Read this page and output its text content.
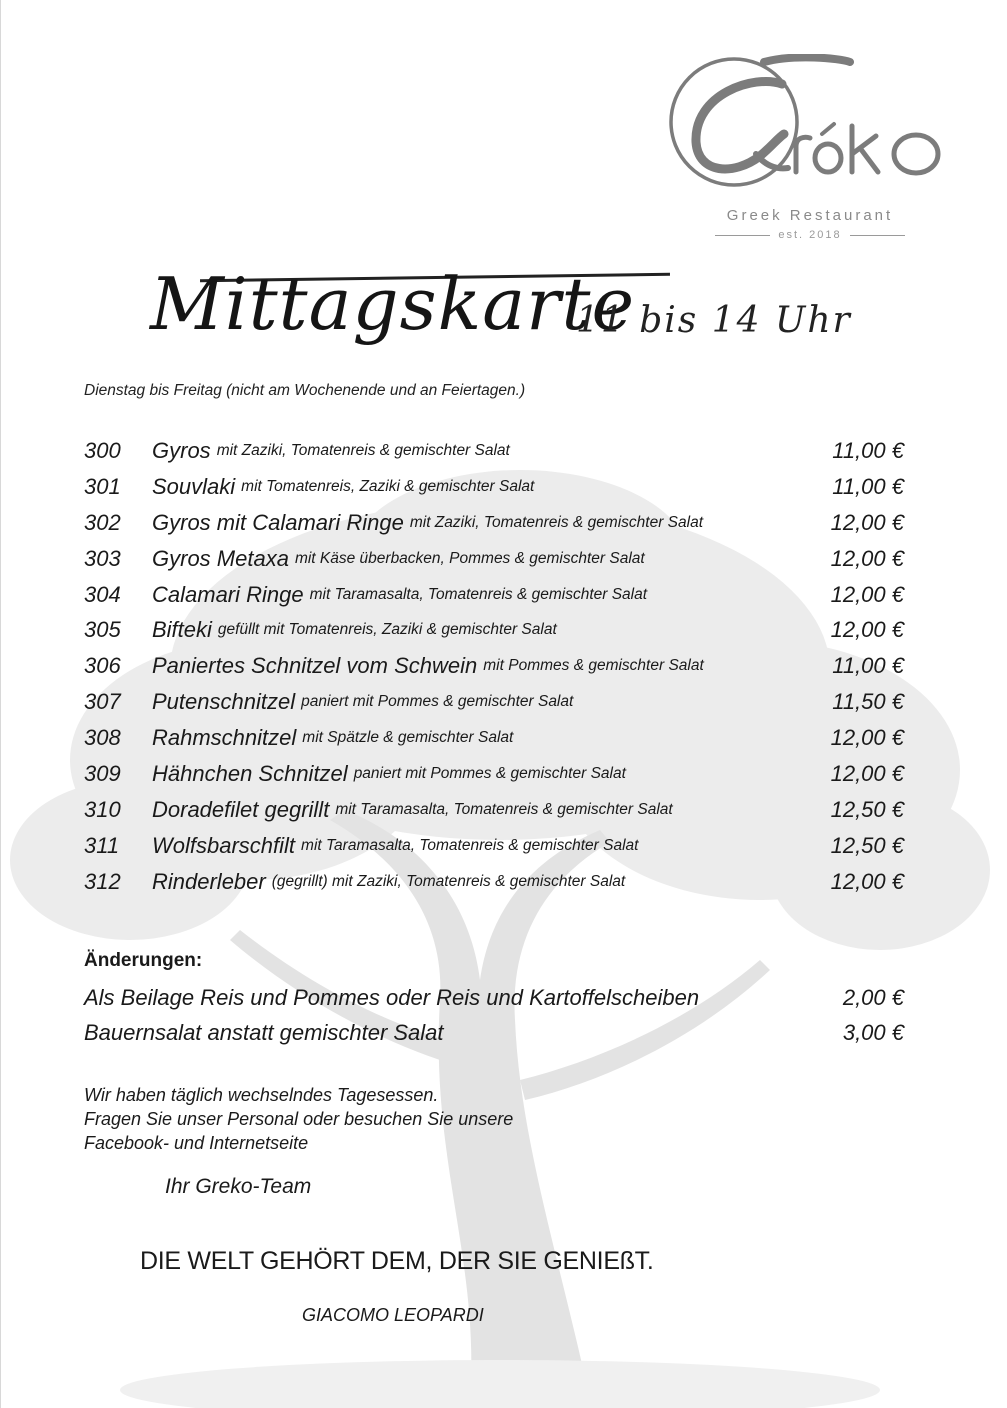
Greek Restaurant
est. 2018
Mittagskarte
11 bis 14 Uhr
Dienstag bis Freitag (nicht am Wochenende und an Feiertagen.)
300	Gyros mit Zaziki, Tomatenreis & gemischter Salat	11,00 €
301	Souvlaki mit Tomatenreis, Zaziki & gemischter Salat	11,00 €
302	Gyros mit Calamari Ringe mit Zaziki, Tomatenreis & gemischter Salat	12,00 €
303	Gyros Metaxa mit Käse überbacken, Pommes & gemischter Salat	12,00 €
304	Calamari Ringe mit Taramasalta, Tomatenreis & gemischter Salat	12,00 €
305	Bifteki gefüllt mit Tomatenreis, Zaziki & gemischter Salat	12,00 €
306	Paniertes Schnitzel vom Schwein mit Pommes & gemischter Salat	11,00 €
307	Putenschnitzel paniert mit Pommes & gemischter Salat	11,50 €
308	Rahmschnitzel mit Spätzle & gemischter Salat	12,00 €
309	Hähnchen Schnitzel paniert mit Pommes & gemischter Salat	12,00 €
310	Doradefilet gegrillt mit Taramasalta, Tomatenreis & gemischter Salat	12,50 €
311	Wolfsbarschfilt mit Taramasalta, Tomatenreis & gemischter Salat	12,50 €
312	Rinderleber (gegrillt) mit Zaziki, Tomatenreis & gemischter Salat	12,00 €
Änderungen:
Als Beilage Reis und Pommes oder Reis und Kartoffelscheiben	2,00 €
Bauernsalat anstatt gemischter Salat	3,00 €
Wir haben täglich wechselndes Tagesessen.
Fragen Sie unser Personal oder besuchen Sie unsere
Facebook- und Internetseite
Ihr Greko-Team
DIE WELT GEHÖRT DEM, DER SIE GENIEßT.
GIACOMO LEOPARDI
